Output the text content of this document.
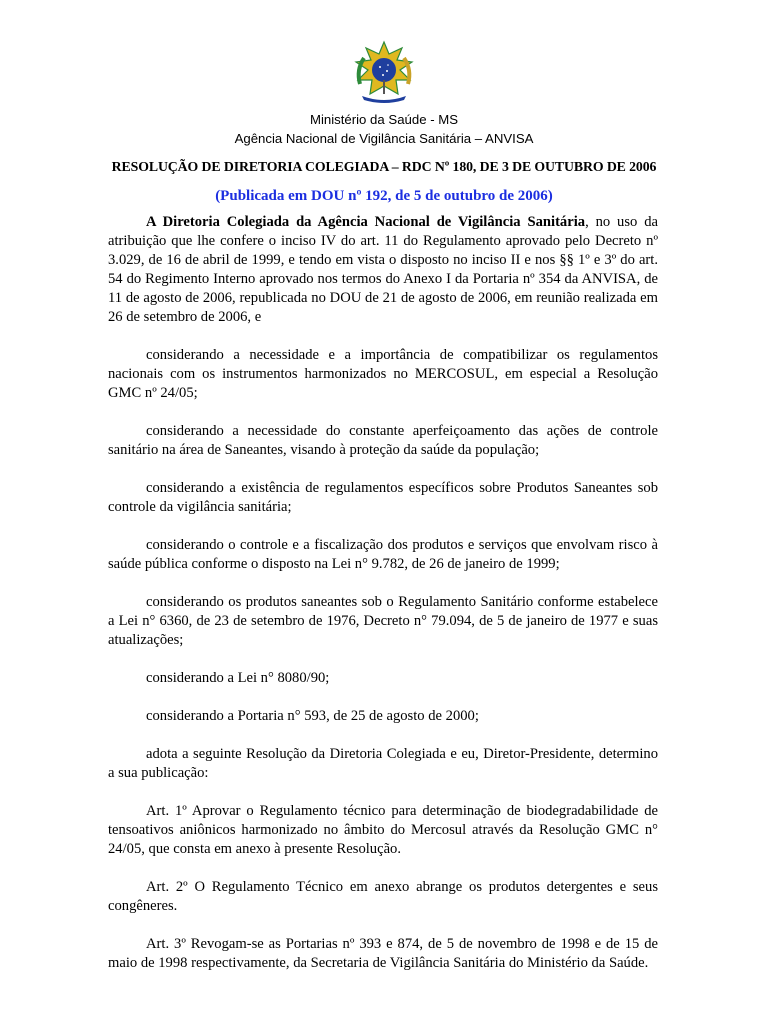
Ministério da Saúde - MS
Agência Nacional de Vigilância Sanitária – ANVISA
RESOLUÇÃO DE DIRETORIA COLEGIADA – RDC Nº 180, DE 3 DE OUTUBRO DE 2006
(Publicada em DOU nº 192, de 5 de outubro de 2006)

A Diretoria Colegiada da Agência Nacional de Vigilância Sanitária, no uso da atribuição que lhe confere o inciso IV do art. 11 do Regulamento aprovado pelo Decreto nº 3.029, de 16 de abril de 1999, e tendo em vista o disposto no inciso II e nos §§ 1º e 3º do art. 54 do Regimento Interno aprovado nos termos do Anexo I da Portaria nº 354 da ANVISA, de 11 de agosto de 2006, republicada no DOU de 21 de agosto de 2006, em reunião realizada em 26 de setembro de 2006, e

considerando a necessidade e a importância de compatibilizar os regulamentos nacionais com os instrumentos harmonizados no MERCOSUL, em especial a Resolução GMC nº 24/05;

considerando a necessidade do constante aperfeiçoamento das ações de controle sanitário na área de Saneantes, visando à proteção da saúde da população;

considerando a existência de regulamentos específicos sobre Produtos Saneantes sob controle da vigilância sanitária;

considerando o controle e a fiscalização dos produtos e serviços que envolvam risco à saúde pública conforme o disposto na Lei n° 9.782, de 26 de janeiro de 1999;

considerando os produtos saneantes sob o Regulamento Sanitário conforme estabelece a Lei n° 6360, de 23 de setembro de 1976, Decreto n° 79.094, de 5 de janeiro de 1977 e suas atualizações;

considerando a Lei n° 8080/90;

considerando a Portaria n° 593, de 25 de agosto de 2000;

adota a seguinte Resolução da Diretoria Colegiada e eu, Diretor-Presidente, determino a sua publicação:

Art. 1º Aprovar o Regulamento técnico para determinação de biodegradabilidade de tensoativos aniônicos harmonizado no âmbito do Mercosul através da Resolução GMC n° 24/05, que consta em anexo à presente Resolução.

Art. 2º O Regulamento Técnico em anexo abrange os produtos detergentes e seus congêneres.

Art. 3º Revogam-se as Portarias nº 393 e 874, de 5 de novembro de 1998 e de 15 de maio de 1998 respectivamente, da Secretaria de Vigilância Sanitária do Ministério da Saúde.
